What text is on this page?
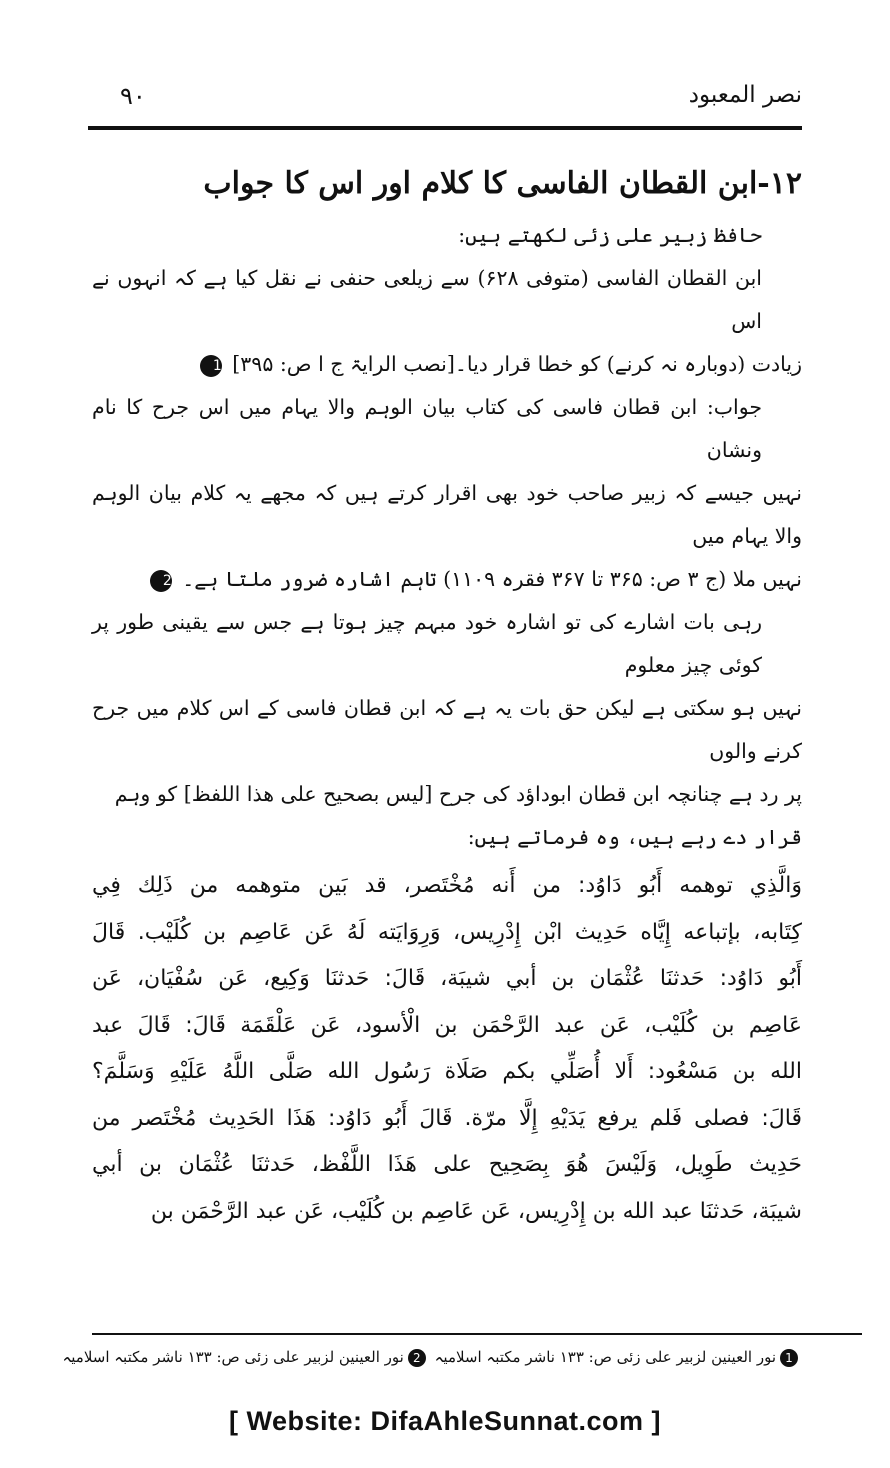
۹۰	نصر المعبود
۱۲-ابن القطان الفاسی کا کلام اور اس کا جواب

حافظ زبیر علی زئی لکھتے ہیں:

ابن القطان الفاسی (متوفی ۶۲۸) سے زیلعی حنفی نے نقل کیا ہے کہ انہوں نے اس

زیادت (دوبارہ نہ کرنے) کو خطا قرار دیا۔[نصب الرایۃ ج ا ص: ۳۹۵] 1

جواب: ابن قطان فاسی کی کتاب بیان الوہم والا یہام میں اس جرح کا نام ونشان

نہیں جیسے کہ زبیر صاحب خود بھی اقرار کرتے ہیں کہ مجھے یہ کلام بیان الوہم والا یہام میں

نہیں ملا (ج ۳ ص: ۳۶۵ تا ۳۶۷ فقرہ ۱۱۰۹) تاہم اشارہ ضرور ملتا ہے۔ 2

رہی بات اشارے کی تو اشارہ خود مبہم چیز ہوتا ہے جس سے یقینی طور پر کوئی چیز معلوم

نہیں ہو سکتی ہے لیکن حق بات یہ ہے کہ ابن قطان فاسی کے اس کلام میں جرح کرنے والوں

پر رد ہے چنانچہ ابن قطان ابوداؤد کی جرح [لیس بصحیح علی ھذا اللفظ] کو وہم

قرار دے رہے ہیں، وہ فرماتے ہیں:

وَالَّذِي توهمه أَبُو دَاوُد: من أَنه مُخْتَصر، قد بَين متوهمه من ذَلِك فِي

كِتَابه، بإتباعه إِيَّاه حَدِيث ابْن إِدْرِيس، وَرِوَايَته لَهُ عَن عَاصِم بن كُلَيْب. قَالَ

أَبُو دَاوُد: حَدثنَا عُثْمَان بن أبي شيبَة، قَالَ: حَدثنَا وَكِيع، عَن سُفْيَان، عَن

عَاصِم بن كُلَيْب، عَن عبد الرَّحْمَن بن الْأسود، عَن عَلْقَمَة قَالَ: قَالَ عبد

الله بن مَسْعُود: أَلا أُصَلِّي بكم صَلَاة رَسُول الله صَلَّى اللَّهُ عَلَيْهِ وَسَلَّمَ؟

قَالَ: فصلى فَلم يرفع يَدَيْهِ إِلَّا مرّة. قَالَ أَبُو دَاوُد: هَذَا الحَدِيث مُخْتَصر من

حَدِيث طَوِيل، وَلَيْسَ هُوَ بِصَحِيح على هَذَا اللَّفْظ، حَدثنَا عُثْمَان بن أبي

شيبَة، حَدثنَا عبد الله بن إِدْرِيس، عَن عَاصِم بن كُلَيْب، عَن عبد الرَّحْمَن بن

1نور العینین لزبیر علی زئی ص: ۱۳۳ ناشر مکتبہ اسلامیہ 2نور العینین لزبیر علی زئی ص: ۱۳۳ ناشر مکتبہ اسلامیہ
[ Website: DifaAhleSunnat.com ]
